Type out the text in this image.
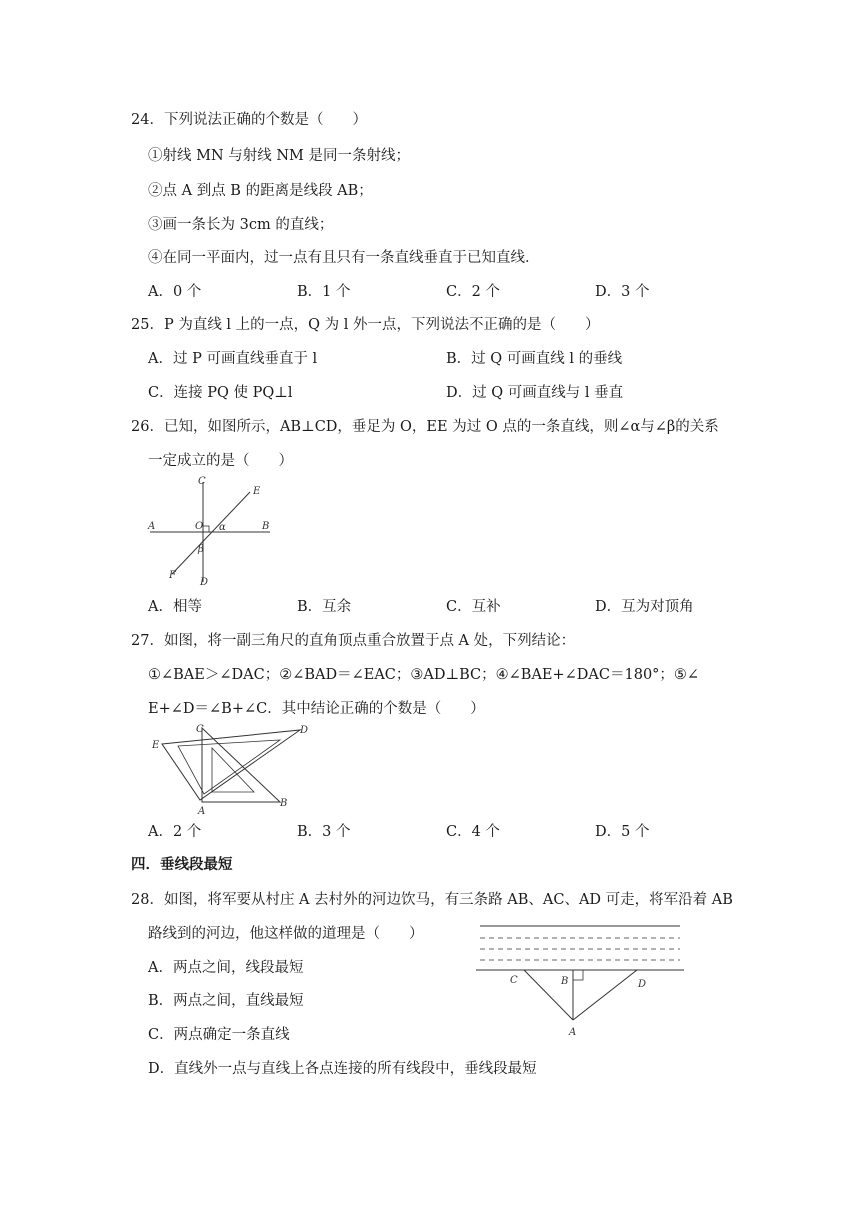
24．下列说法正确的个数是（　　）
①射线 MN 与射线 NM 是同一条射线；
②点 A 到点 B 的距离是线段 AB；
③画一条长为 3cm 的直线；
④在同一平面内，过一点有且只有一条直线垂直于已知直线．
A．0 个	B．1 个	C．2 个	D．3 个
25．P 为直线 l 上的一点，Q 为 l 外一点，下列说法不正确的是（　　）
A．过 P 可画直线垂直于 l	B．过 Q 可画直线 l 的垂线
C．连接 PQ 使 PQ⊥l	D．过 Q 可画直线与 l 垂直
26．已知，如图所示，AB⊥CD，垂足为 O，EE 为过 O 点的一条直线，则∠α与∠β的关系
一定成立的是（　　）
C
E
A	O α	B
β
F
D
A．相等	B．互余	C．互补	D．互为对顶角
27．如图，将一副三角尺的直角顶点重合放置于点 A 处，下列结论：
①∠BAE＞∠DAC；②∠BAD＝∠EAC；③AD⊥BC；④∠BAE+∠DAC＝180°；⑤∠
E+∠D＝∠B+∠C．其中结论正确的个数是（　　）
C	D
E
A
B
A．2 个	B．3 个	C．4 个	D．5 个
四．垂线段最短
28．如图，将军要从村庄 A 去村外的河边饮马，有三条路 AB、AC、AD 可走，将军沿着 AB
路线到的河边，他这样做的道理是（　　）
A．两点之间，线段最短
B．两点之间，直线最短
C．两点确定一条直线
D．直线外一点与直线上各点连接的所有线段中，垂线段最短
C	B	D
A
